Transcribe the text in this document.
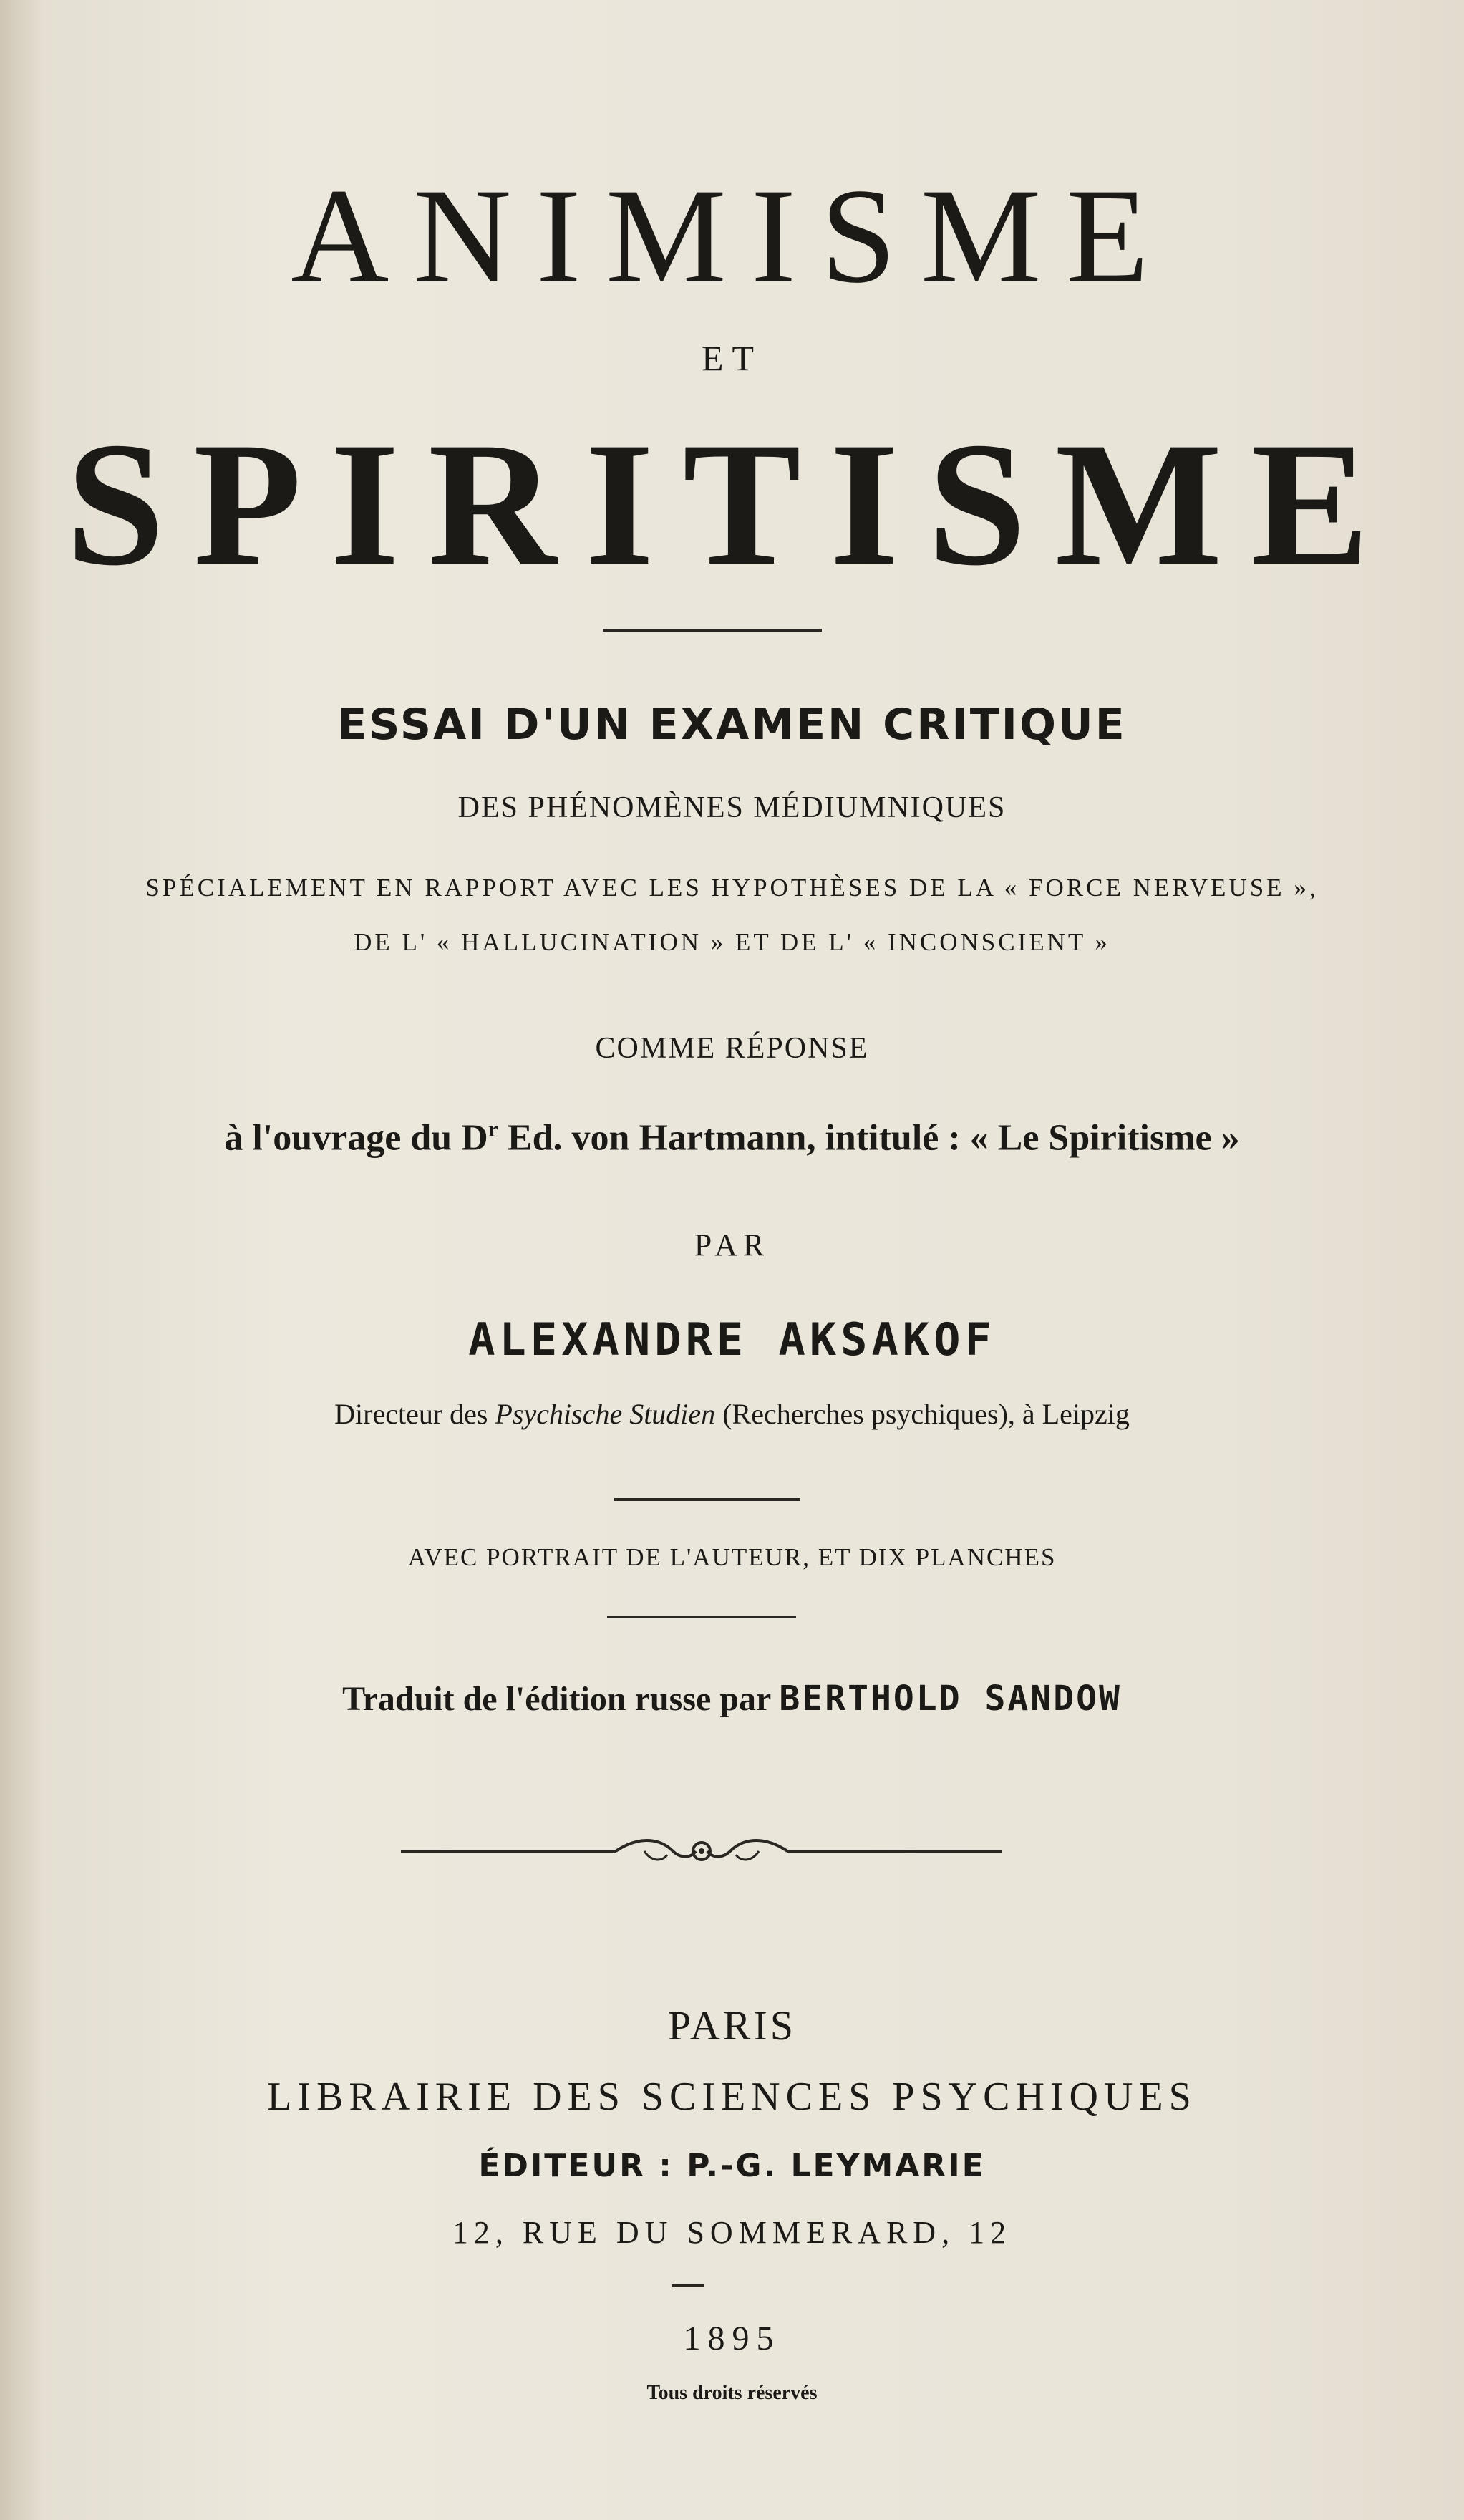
ANIMISME
ET
SPIRITISME
ESSAI D'UN EXAMEN CRITIQUE
DES PHÉNOMÈNES MÉDIUMNIQUES
SPÉCIALEMENT EN RAPPORT AVEC LES HYPOTHÈSES DE LA « FORCE NERVEUSE »,
DE L' « HALLUCINATION » ET DE L' « INCONSCIENT »
COMME RÉPONSE
à l'ouvrage du $D^r$ Ed. von Hartmann, intitulé : « Le Spiritisme »
PAR
ALEXANDRE AKSAKOF
Directeur des Psychische Studien (Recherches psychiques), à Leipzig
AVEC PORTRAIT DE L'AUTEUR, ET DIX PLANCHES
Traduit de l'édition russe par BERTHOLD SANDOW
PARIS
LIBRAIRIE DES SCIENCES PSYCHIQUES
ÉDITEUR : P.-G. LEYMARIE
12, RUE DU SOMMERARD, 12
1895
Tous droits réservés
